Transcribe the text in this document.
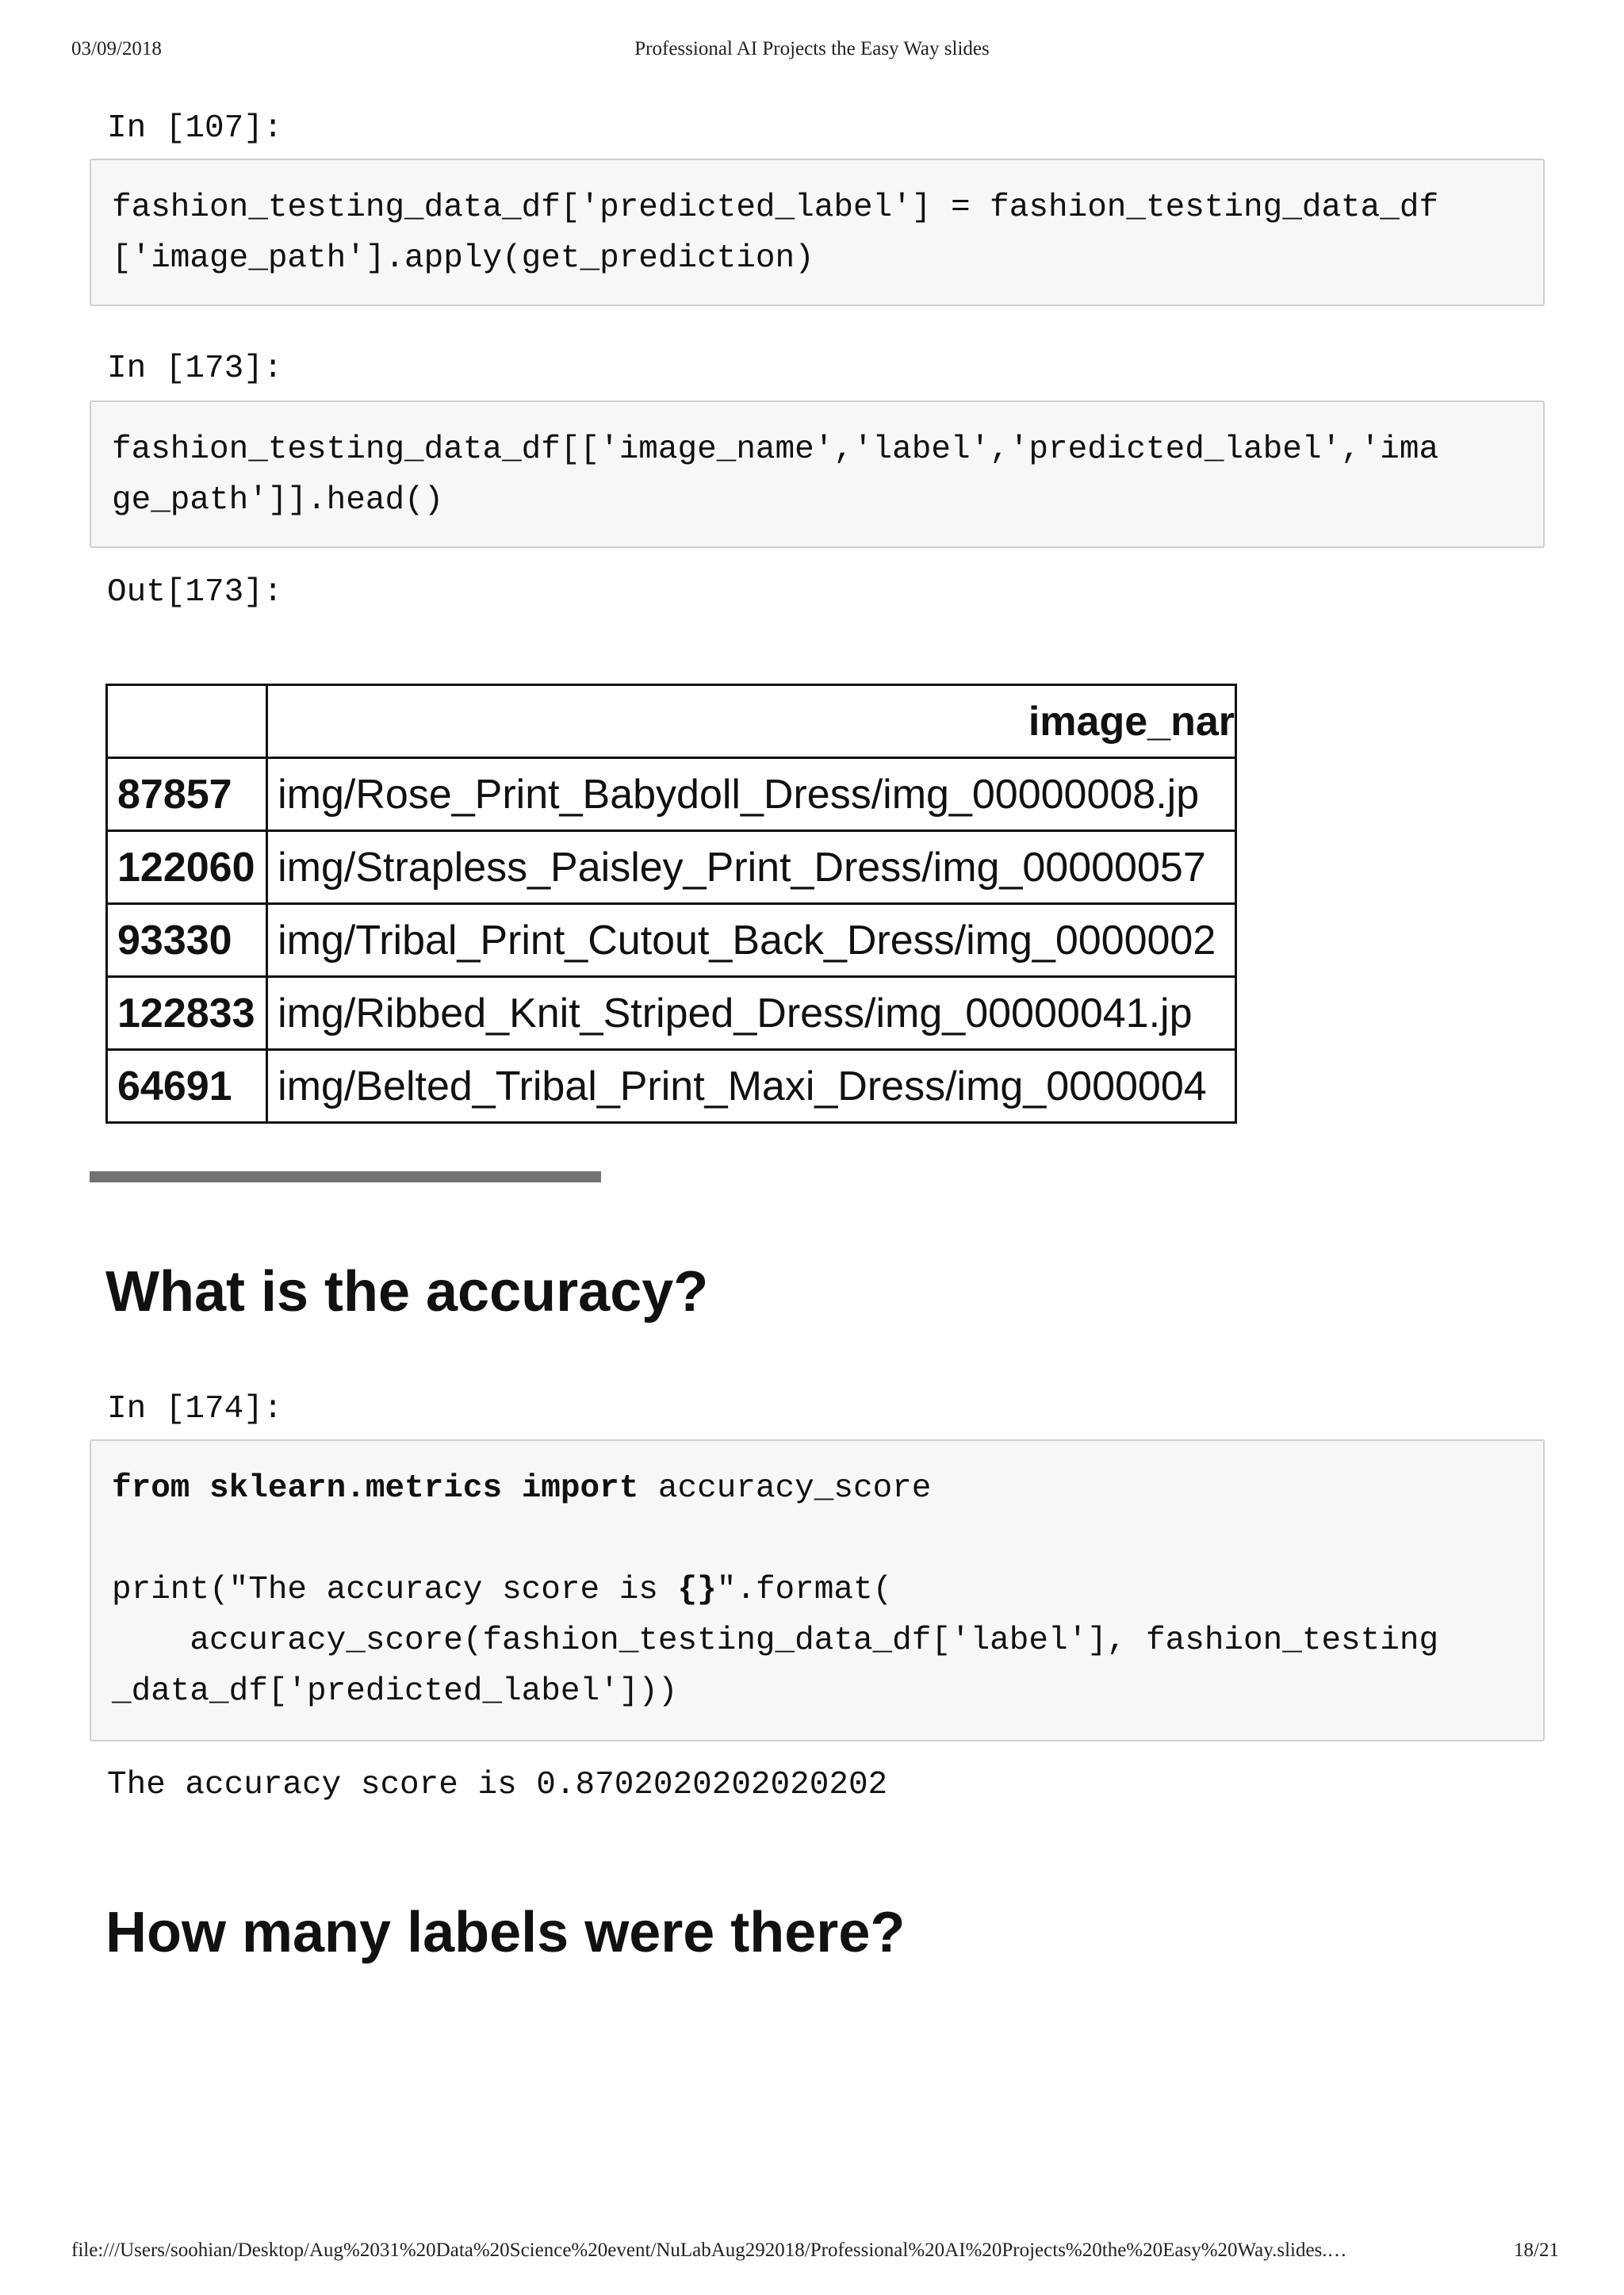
03/09/2018	Professional AI Projects the Easy Way slides
In [107]:
fashion_testing_data_df['predicted_label'] = fashion_testing_data_df
['image_path'].apply(get_prediction)
In [173]:
fashion_testing_data_df[['image_name','label','predicted_label','ima
ge_path']].head()
Out[173]:
	image_nar
87857	img/Rose_Print_Babydoll_Dress/img_00000008.jp
122060	img/Strapless_Paisley_Print_Dress/img_00000057
93330	img/Tribal_Print_Cutout_Back_Dress/img_0000002
122833	img/Ribbed_Knit_Striped_Dress/img_00000041.jp
64691	img/Belted_Tribal_Print_Maxi_Dress/img_0000004
What is the accuracy?
In [174]:
from sklearn.metrics import accuracy_score
print("The accuracy score is {}".format(
accuracy_score(fashion_testing_data_df['label'], fashion_testing
_data_df['predicted_label']))
The accuracy score is 0.8702020202020202
How many labels were there?
file:///Users/soohian/Desktop/Aug%2031%20Data%20Science%20event/NuLabAug292018/Professional%20AI%20Projects%20the%20Easy%20Way.slides.…	18/21
